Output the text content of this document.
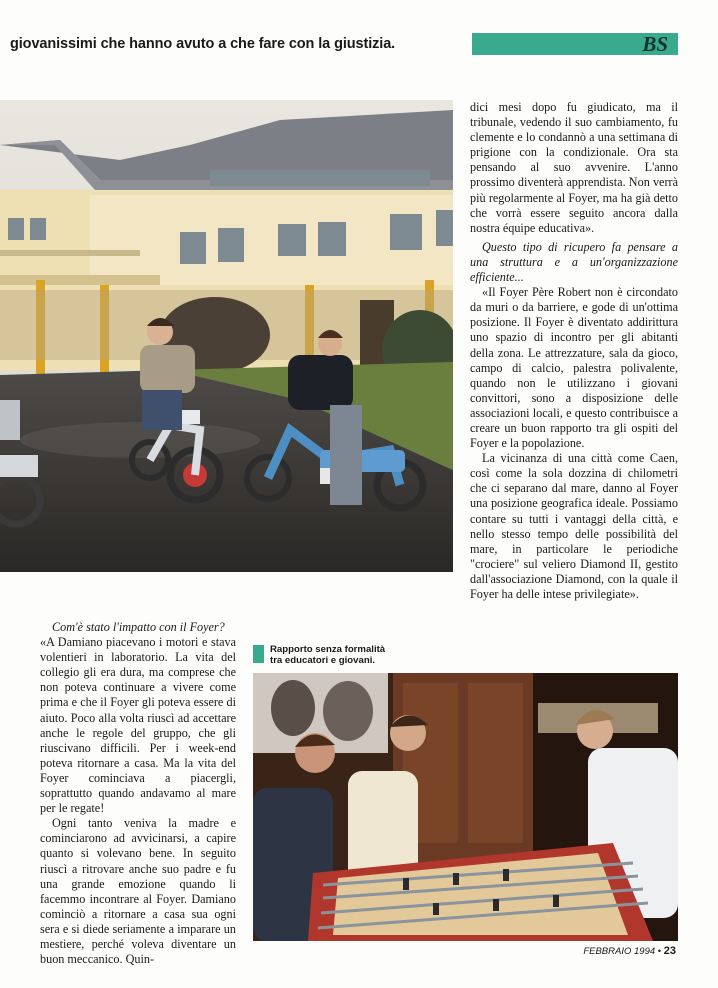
giovanissimi che hanno avuto a che fare con la giustizia.	BS

dici mesi dopo fu giudicato, ma il tribunale, vedendo il suo cambiamento, fu clemente e lo condannò a una settimana di prigione con la condizionale. Ora sta pensando al suo avvenire. L'anno prossimo diventerà apprendista. Non verrà più regolarmente al Foyer, ma ha già detto che vorrà essere seguito ancora dalla nostra équipe educativa».

Questo tipo di ricupero fa pensare a una struttura e a un'organizzazione efficiente...

«Il Foyer Père Robert non è circondato da muri o da barriere, e gode di un'ottima posizione. Il Foyer è diventato addirittura uno spazio di incontro per gli abitanti della zona. Le attrezzature, sala da gioco, campo di calcio, palestra polivalente, quando non le utilizzano i giovani convittori, sono a disposizione delle associazioni locali, e questo contribuisce a creare un buon rapporto tra gli ospiti del Foyer e la popolazione.

La vicinanza di una città come Caen, così come la sola dozzina di chilometri che ci separano dal mare, danno al Foyer una posizione geografica ideale. Possiamo contare su tutti i vantaggi della città, e nello stesso tempo delle possibilità del mare, in particolare le periodiche "crociere" sul veliero Diamond II, gestito dall'associazione Diamond, con la quale il Foyer ha delle intese privilegiate».

Com'è stato l'impatto con il Foyer?

«A Damiano piacevano i motori e stava volentieri in laboratorio. La vita del collegio gli era dura, ma comprese che non poteva continuare a vivere come prima e che il Foyer gli poteva essere di aiuto. Poco alla volta riuscì ad accettare anche le regole del gruppo, che gli riuscivano difficili. Per i week-end poteva ritornare a casa. Ma la vita del Foyer cominciava a piacergli, soprattutto quando andavamo al mare per le regate!

Ogni tanto veniva la madre e cominciarono ad avvicinarsi, a capire quanto si volevano bene. In seguito riuscì a ritrovare anche suo padre e fu una grande emozione quando li facemmo incontrare al Foyer. Damiano cominciò a ritornare a casa sua ogni sera e si diede seriamente a imparare un mestiere, perché voleva diventare un buon meccanico. Quin-

Rapporto senza formalità
tra educatori e giovani.
FEBBRAIO 1994 • 23
